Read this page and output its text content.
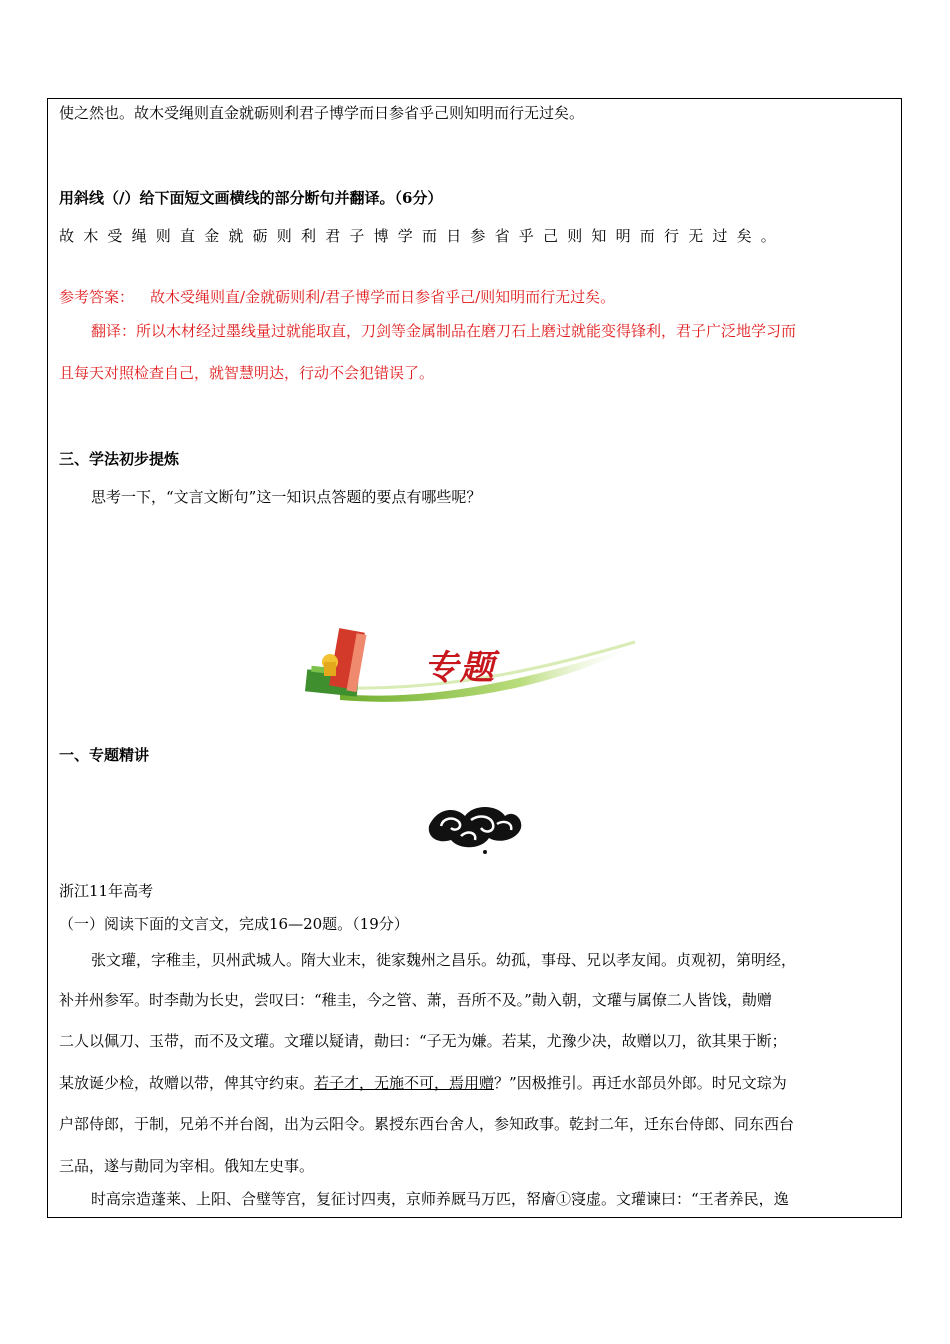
使之然也。故木受绳则直金就砺则利君子博学而日参省乎己则知明而行无过矣。
用斜线（/）给下面短文画横线的部分断句并翻译。（6分）
故木受绳则直金就砺则利君子博学而日参省乎己则知明而行无过矣。
参考答案： 故木受绳则直/金就砺则利/君子博学而日参省乎己/则知明而行无过矣。
翻译：所以木材经过墨线量过就能取直，刀剑等金属制品在磨刀石上磨过就能变得锋利，君子广泛地学习而
且每天对照检查自己，就智慧明达，行动不会犯错误了。
三、学法初步提炼
思考一下，“文言文断句”这一知识点答题的要点有哪些呢？
专题
一、专题精讲
浙江11年高考
（一）阅读下面的文言文，完成16—20题。（19分）
张文瓘，字稚圭，贝州武城人。隋大业末，徙家魏州之昌乐。幼孤，事母、兄以孝友闻。贞观初，第明经，
补并州参军。时李勣为长史，尝叹曰：“稚圭，今之管、萧，吾所不及。”勣入朝，文瓘与属僚二人皆饯，勣赠
二人以佩刀、玉带，而不及文瓘。文瓘以疑请，勣曰：“子无为嫌。若某，尤豫少决，故赠以刀，欲其果于断；
某放诞少检，故赠以带，俾其守约束。若子才，无施不可，焉用赠？”因极推引。再迁水部员外郎。时兄文琮为
户部侍郎，于制，兄弟不并台阁，出为云阳令。累授东西台舍人，参知政事。乾封二年，迁东台侍郎、同东西台
三品，遂与勣同为宰相。俄知左史事。
时高宗造蓬莱、上阳、合璧等宫，复征讨四夷，京师养厩马万匹，帑廥①寖虚。文瓘谏曰：“王者养民，逸
